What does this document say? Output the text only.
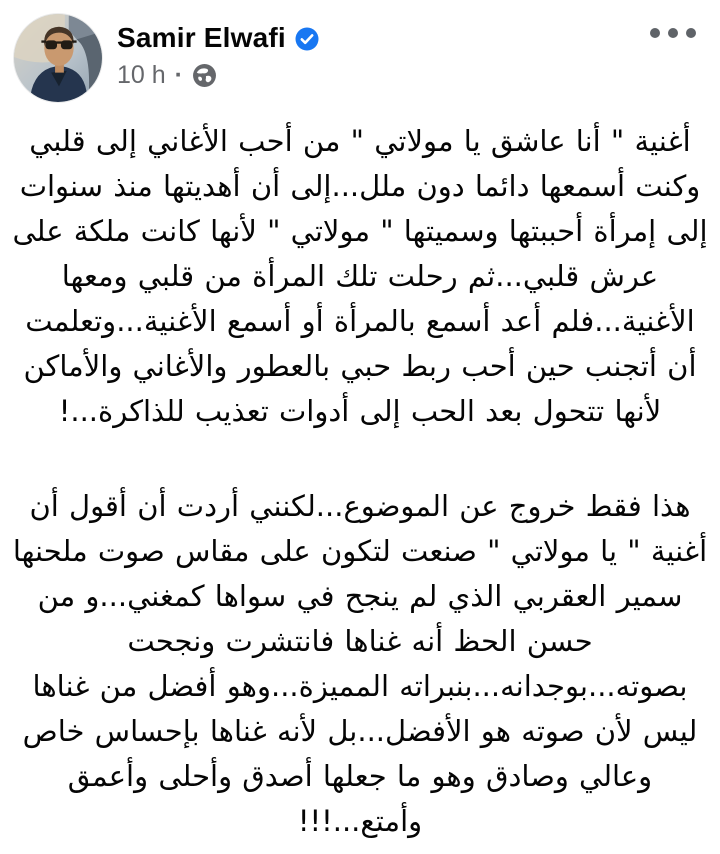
Samir Elwafi
10 h ·

أغنية " أنا عاشق يا مولاتي " من أحب الأغاني إلى قلبي وكنت أسمعها دائما دون ملل...إلى أن أهديتها منذ سنوات إلى إمرأة أحببتها وسميتها " مولاتي " لأنها كانت ملكة على عرش قلبي...ثم رحلت تلك المرأة من قلبي ومعها الأغنية...فلم أعد أسمع بالمرأة أو أسمع الأغنية...وتعلمت أن أتجنب حين أحب ربط حبي بالعطور والأغاني والأماكن لأنها تتحول بعد الحب إلى أدوات تعذيب للذاكرة...!

هذا فقط خروج عن الموضوع...لكنني أردت أن أقول أن أغنية " يا مولاتي " صنعت لتكون على مقاس صوت ملحنها سمير العقربي الذي لم ينجح في سواها كمغني...و من حسن الحظ أنه غناها فانتشرت ونجحت بصوته...بوجدانه...بنبراته المميزة...وهو أفضل من غناها ليس لأن صوته هو الأفضل...بل لأنه غناها بإحساس خاص وعالي وصادق وهو ما جعلها أصدق وأحلى وأعمق وأمتع...!!!
